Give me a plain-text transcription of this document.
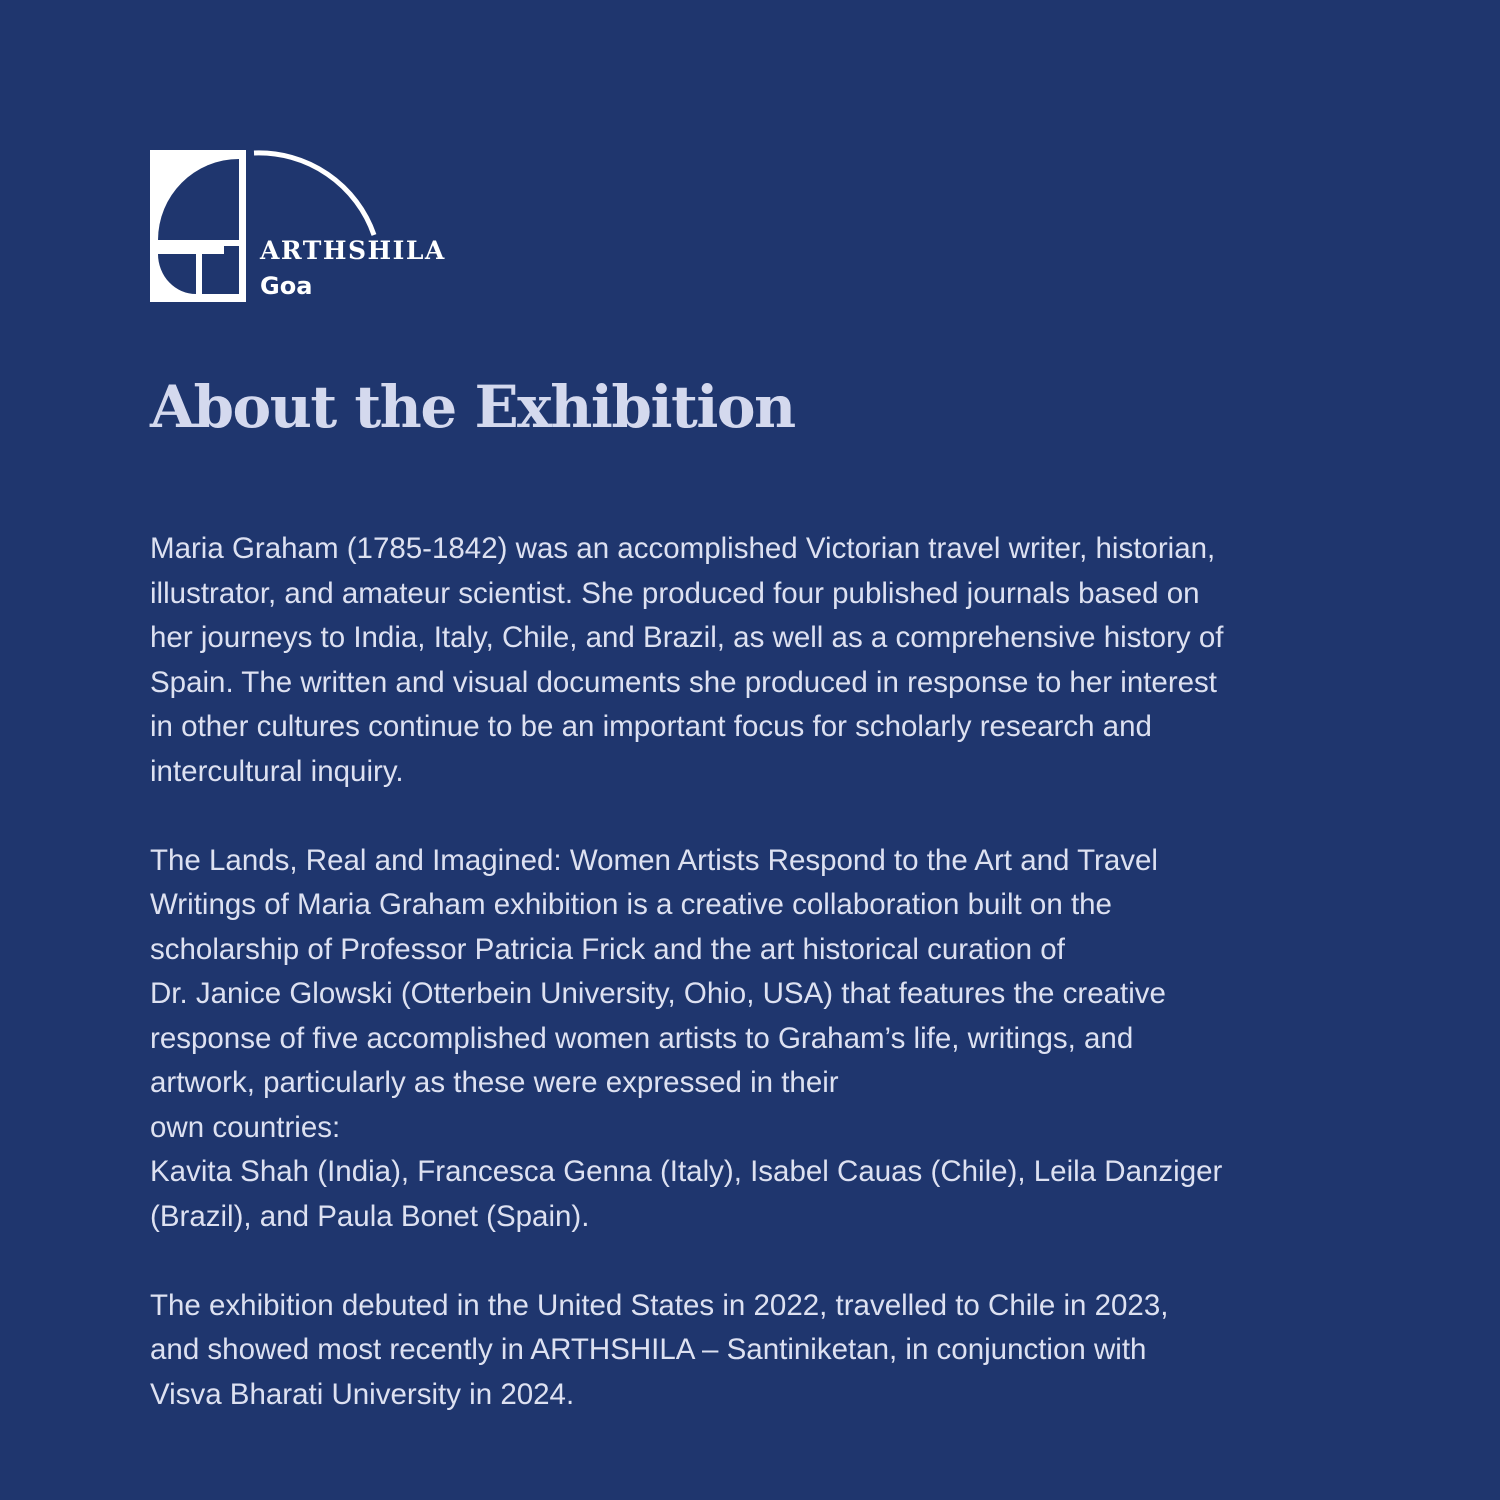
ARTHSHILA
Goa
About the Exhibition

Maria Graham (1785-1842) was an accomplished Victorian travel writer, historian,
illustrator, and amateur scientist. She produced four published journals based on
her journeys to India, Italy, Chile, and Brazil, as well as a comprehensive history of
Spain. The written and visual documents she produced in response to her interest
in other cultures continue to be an important focus for scholarly research and
intercultural inquiry.

The Lands, Real and Imagined: Women Artists Respond to the Art and Travel
Writings of Maria Graham exhibition is a creative collaboration built on the
scholarship of Professor Patricia Frick and the art historical curation of
Dr. Janice Glowski (Otterbein University, Ohio, USA) that features the creative
response of five accomplished women artists to Graham’s life, writings, and
artwork, particularly as these were expressed in their
own countries:
Kavita Shah (India), Francesca Genna (Italy), Isabel Cauas (Chile), Leila Danziger
(Brazil), and Paula Bonet (Spain).

The exhibition debuted in the United States in 2022, travelled to Chile in 2023,
and showed most recently in ARTHSHILA – Santiniketan, in conjunction with
Visva Bharati University in 2024.
